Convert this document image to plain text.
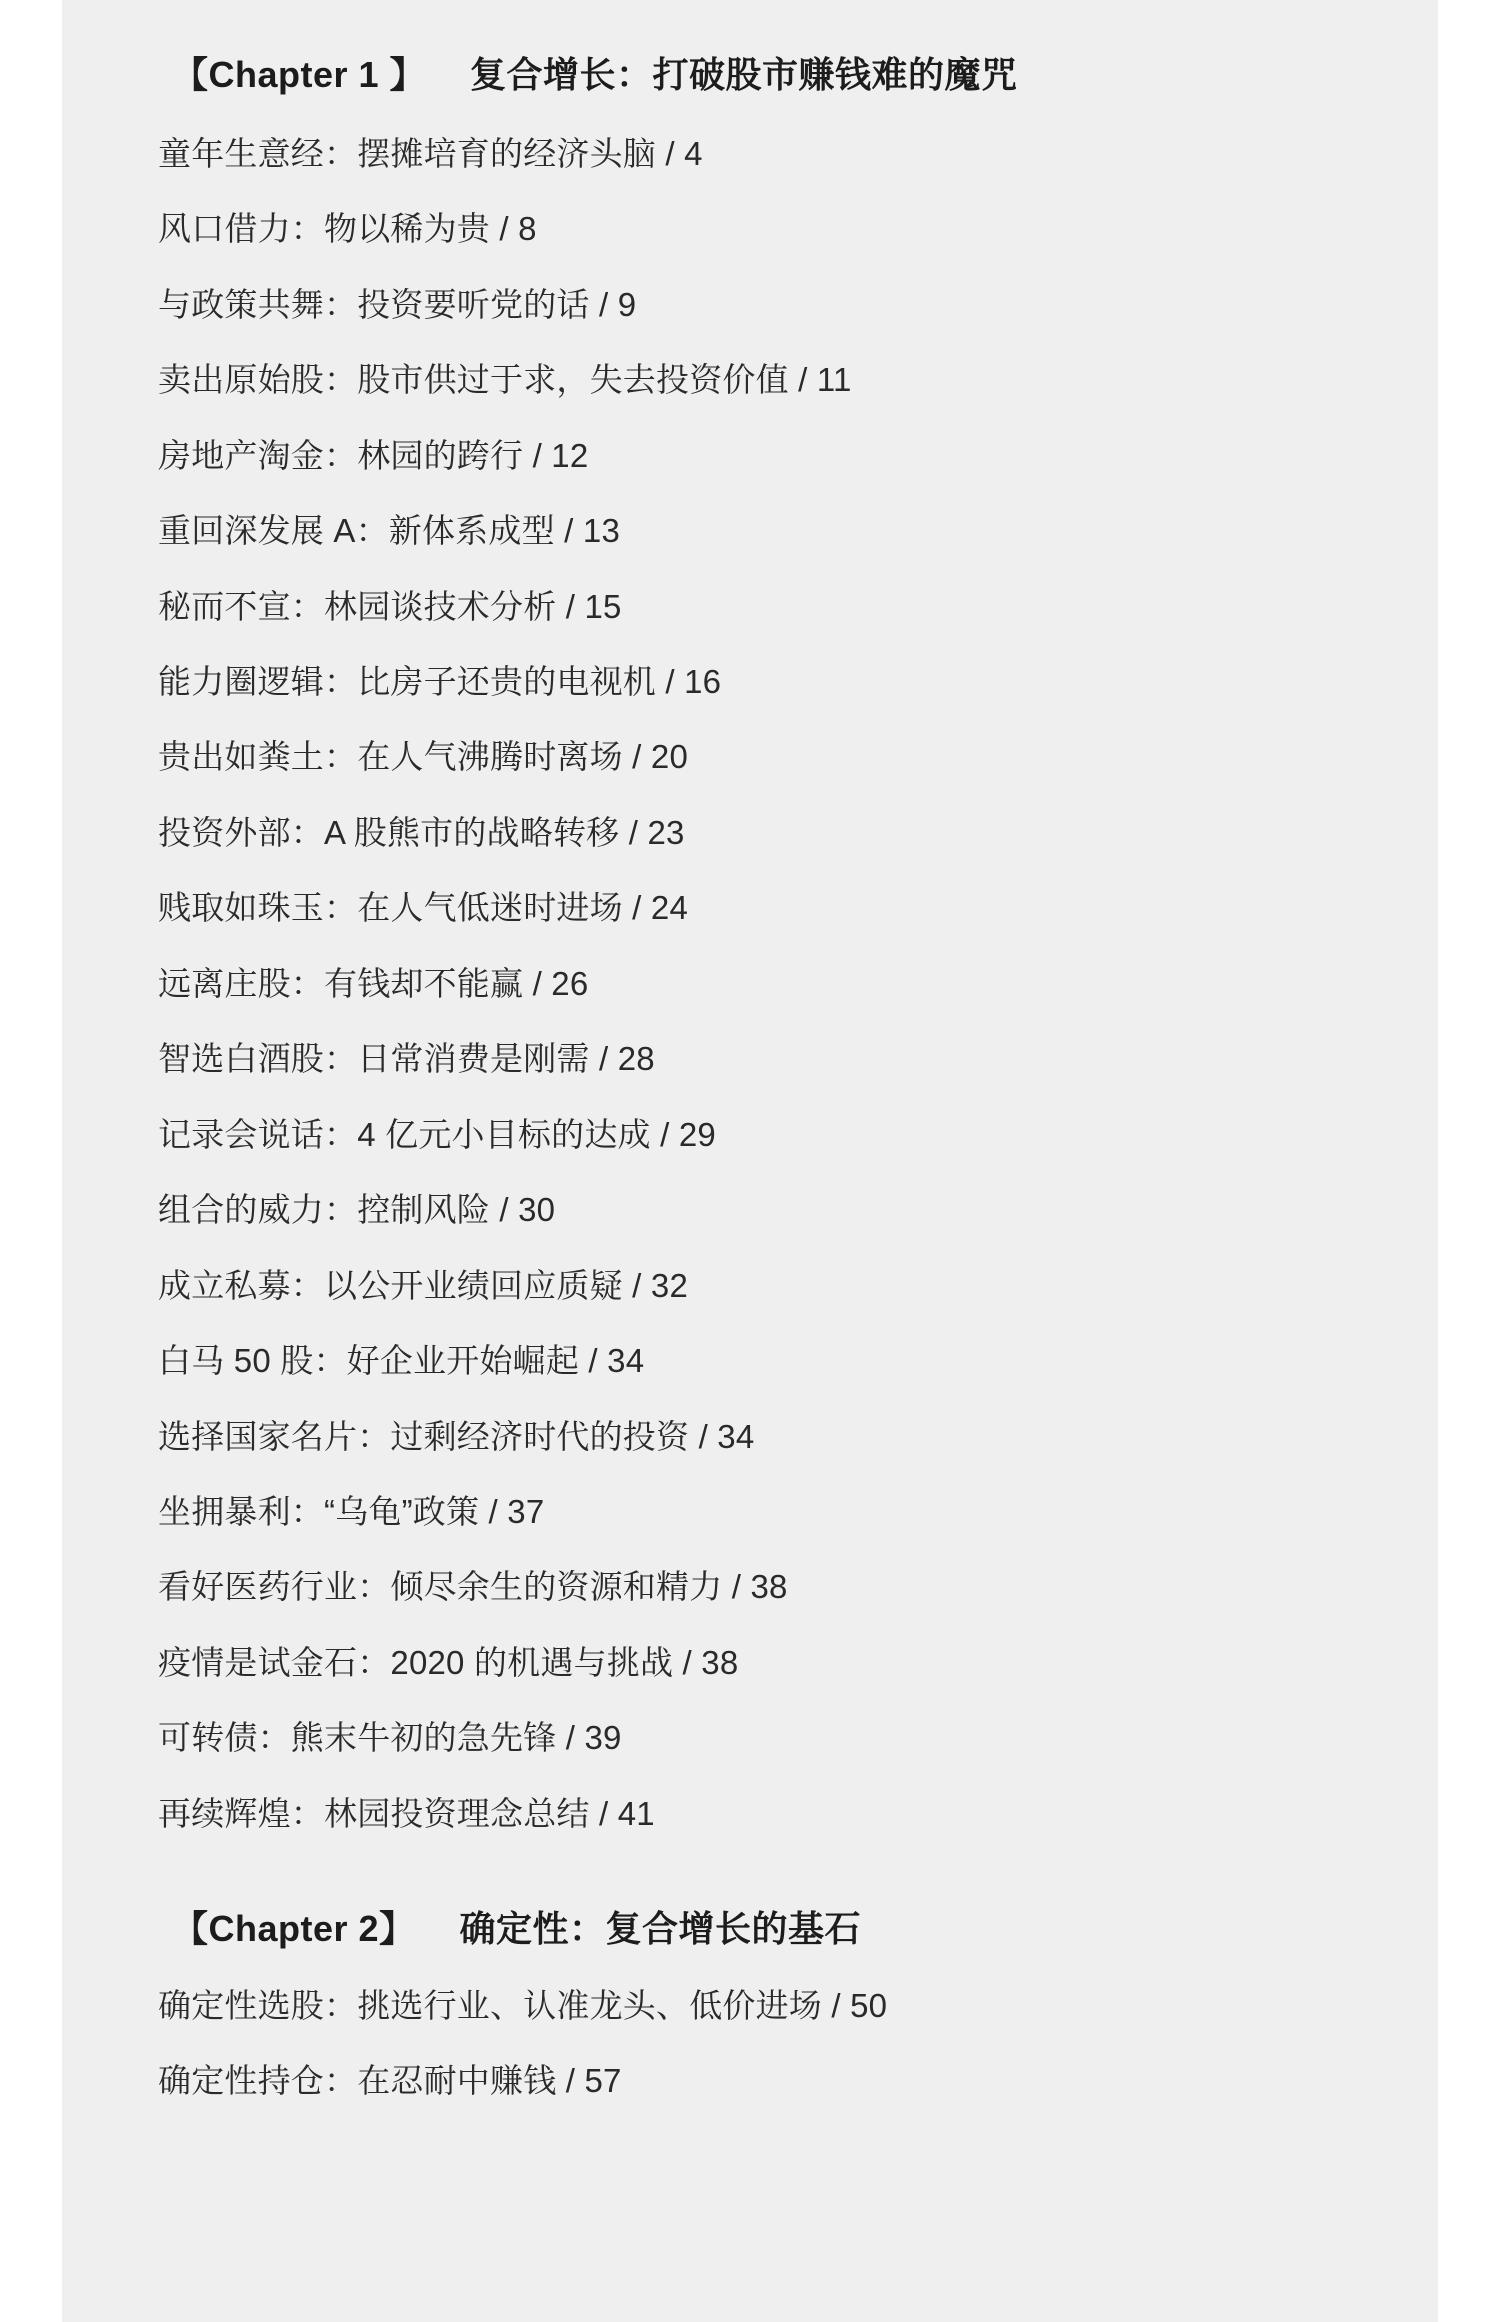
【Chapter 1 】 复合增长：打破股市赚钱难的魔咒
童年生意经：摆摊培育的经济头脑 / 4
风口借力：物以稀为贵 / 8
与政策共舞：投资要听党的话 / 9
卖出原始股：股市供过于求，失去投资价值 / 11
房地产淘金：林园的跨行 / 12
重回深发展 A：新体系成型 / 13
秘而不宣：林园谈技术分析 / 15
能力圈逻辑：比房子还贵的电视机 / 16
贵出如粪土：在人气沸腾时离场 / 20
投资外部：A 股熊市的战略转移 / 23
贱取如珠玉：在人气低迷时进场 / 24
远离庄股：有钱却不能赢 / 26
智选白酒股：日常消费是刚需 / 28
记录会说话：4 亿元小目标的达成 / 29
组合的威力：控制风险 / 30
成立私募：以公开业绩回应质疑 / 32
白马 50 股：好企业开始崛起 / 34
选择国家名片：过剩经济时代的投资 / 34
坐拥暴利：“乌龟”政策 / 37
看好医药行业：倾尽余生的资源和精力 / 38
疫情是试金石：2020 的机遇与挑战 / 38
可转债：熊末牛初的急先锋 / 39
再续辉煌：林园投资理念总结 / 41
【Chapter 2】 确定性：复合增长的基石
确定性选股：挑选行业、认准龙头、低价进场 / 50
确定性持仓：在忍耐中赚钱 / 57
